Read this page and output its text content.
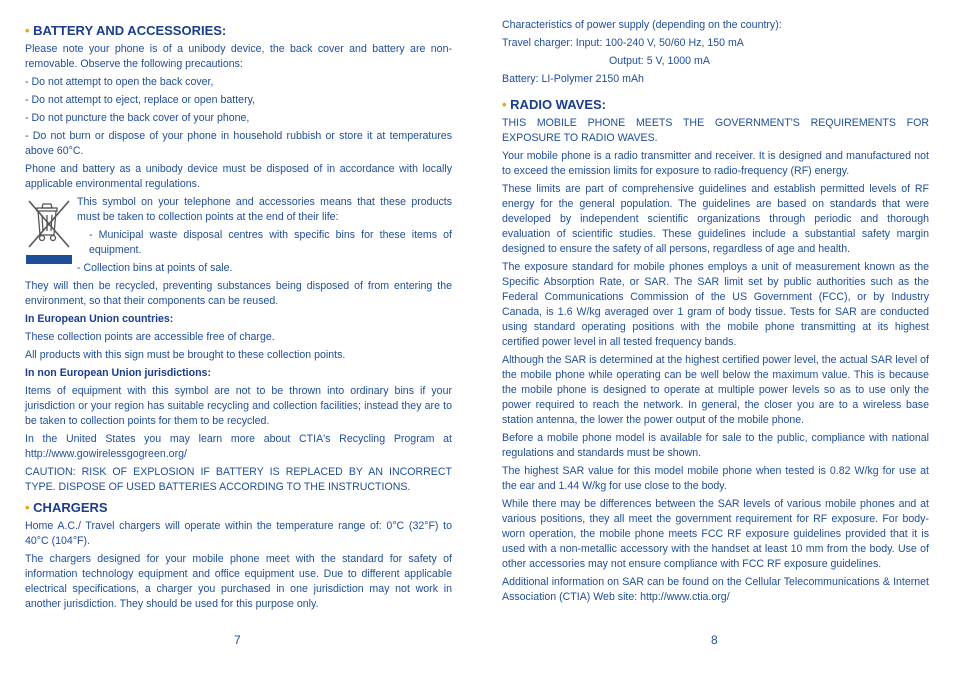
• BATTERY AND ACCESSORIES:

Please note your phone is of a unibody device, the back cover and battery are non-removable. Observe the following precautions:

- Do not attempt to open the back cover,

- Do not attempt to eject, replace or open battery,

- Do not puncture the back cover of your phone,

- Do not burn or dispose of your phone in household rubbish or store it at temperatures above 60°C.

Phone and battery as a unibody device must be disposed of in accordance with locally applicable environmental regulations.

This symbol on your telephone and accessories means that these products must be taken to collection points at the end of their life:

- Municipal waste disposal centres with specific bins for these items of equipment.

- Collection bins at points of sale.

They will then be recycled, preventing substances being disposed of from entering the environment, so that their components can be reused.

In European Union countries:

These collection points are accessible free of charge.

All products with this sign must be brought to these collection points.

In non European Union jurisdictions:

Items of equipment with this symbol are not to be thrown into ordinary bins if your jurisdiction or your region has suitable recycling and collection facilities; instead they are to be taken to collection points for them to be recycled.

In the United States you may learn more about CTIA's Recycling Program at http://www.gowirelessgogreen.org/

CAUTION: RISK OF EXPLOSION IF BATTERY IS REPLACED BY AN INCORRECT TYPE. DISPOSE OF USED BATTERIES ACCORDING TO THE INSTRUCTIONS.

• CHARGERS

Home A.C./ Travel chargers will operate within the temperature range of: 0°C (32°F) to 40°C (104°F).

The chargers designed for your mobile phone meet with the standard for safety of information technology equipment and office equipment use. Due to different applicable electrical specifications, a charger you purchased in one jurisdiction may not work in another jurisdiction. They should be used for this purpose only.

Characteristics of power supply (depending on the country):

Travel charger: Input: 100-240 V, 50/60 Hz, 150 mA

Output: 5 V, 1000 mA

Battery: LI-Polymer 2150 mAh

• RADIO WAVES:

THIS MOBILE PHONE MEETS THE GOVERNMENT'S REQUIREMENTS FOR EXPOSURE TO RADIO WAVES.

Your mobile phone is a radio transmitter and receiver. It is designed and manufactured not to exceed the emission limits for exposure to radio-frequency (RF) energy.

These limits are part of comprehensive guidelines and establish permitted levels of RF energy for the general population. The guidelines are based on standards that were developed by independent scientific organizations through periodic and thorough evaluation of scientific studies. These guidelines include a substantial safety margin designed to ensure the safety of all persons, regardless of age and health.

The exposure standard for mobile phones employs a unit of measurement known as the Specific Absorption Rate, or SAR. The SAR limit set by public authorities such as the Federal Communications Commission of the US Government (FCC), or by Industry Canada, is 1.6 W/kg averaged over 1 gram of body tissue. Tests for SAR are conducted using standard operating positions with the mobile phone transmitting at its highest certified power level in all tested frequency bands.

Although the SAR is determined at the highest certified power level, the actual SAR level of the mobile phone while operating can be well below the maximum value. This is because the mobile phone is designed to operate at multiple power levels so as to use only the power required to reach the network. In general, the closer you are to a wireless base station antenna, the lower the power output of the mobile phone.

Before a mobile phone model is available for sale to the public, compliance with national regulations and standards must be shown.

The highest SAR value for this model mobile phone when tested is 0.82 W/kg for use at the ear and 1.44 W/kg for use close to the body.

While there may be differences between the SAR levels of various mobile phones and at various positions, they all meet the government requirement for RF exposure. For body-worn operation, the mobile phone meets FCC RF exposure guidelines provided that it is used with a non-metallic accessory with the handset at least 10 mm from the body. Use of other accessories may not ensure compliance with FCC RF exposure guidelines.

Additional information on SAR can be found on the Cellular Telecommunications & Internet Association (CTIA) Web site: http://www.ctia.org/

7	8
